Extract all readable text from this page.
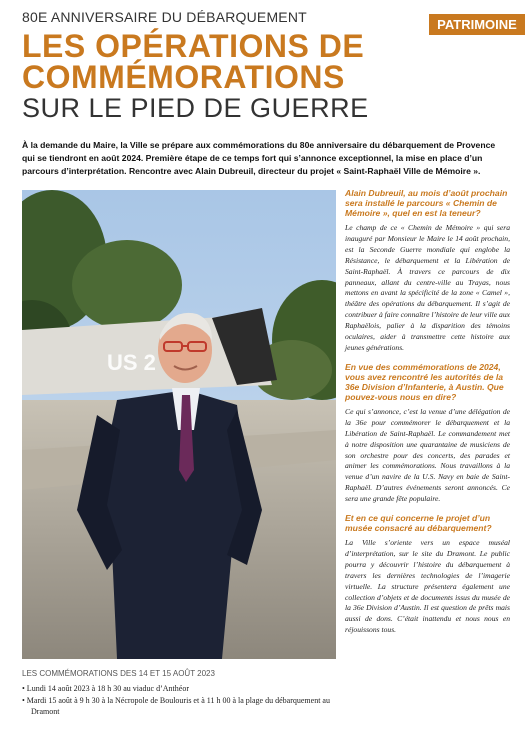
80E ANNIVERSAIRE DU DÉBARQUEMENT	PATRIMOINE
LES OPÉRATIONS DE
COMMÉMORATIONS
SUR LE PIED DE GUERRE
À la demande du Maire, la Ville se prépare aux commémorations du 80e anniversaire du débarquement de Provence qui se tiendront en août 2024. Première étape de ce temps fort qui s’annonce exceptionnel, la mise en place d’un parcours d’interprétation. Rencontre avec Alain Dubreuil, directeur du projet « Saint-Raphaël Ville de Mémoire ».
US 2
LES COMMÉMORATIONS DES 14 ET 15 AOÛT 2023
• Lundi 14 août 2023 à 18 h 30 au viaduc d’Anthéor
• Mardi 15 août à 9 h 30 à la Nécropole de Boulouris et à 11 h 00 à la plage du débarquement au Dramont

Alain Dubreuil, au mois d’août prochain sera installé le parcours « Chemin de Mémoire », quel en est la teneur?

Le champ de ce « Chemin de Mémoire » qui sera inauguré par Monsieur le Maire le 14 août prochain, est la Seconde Guerre mondiale qui englobe la Résistance, le débarquement et la Libération de Saint-Raphaël. À travers ce parcours de dix panneaux, allant du centre-ville au Trayas, nous mettons en avant la spécificité de la zone « Camel », théâtre des opérations du débarquement. Il s’agit de contribuer à faire connaître l’histoire de leur ville aux Raphaëlois, palier à la disparition des témoins oculaires, aider à transmettre cette histoire aux jeunes générations.

En vue des commémorations de 2024, vous avez rencontré les autorités de la 36e Division d’Infanterie, à Austin. Que pouvez-vous nous en dire?

Ce qui s’annonce, c’est la venue d’une délégation de la 36e pour commémorer le débarquement et la Libération de Saint-Raphaël. Le commandement met à notre disposition une quarantaine de musiciens de son orchestre pour des concerts, des parades et animer les commémorations. Nous travaillons à la venue d’un navire de la U.S. Navy en baie de Saint-Raphaël. D’autres événements seront annoncés. Ce sera une grande fête populaire.

Et en ce qui concerne le projet d’un musée consacré au débarquement?

La Ville s’oriente vers un espace muséal d’interprétation, sur le site du Dramont. Le public pourra y découvrir l’histoire du débarquement à travers les dernières technologies de l’imagerie virtuelle. La structure présentera également une collection d’objets et de documents issus du musée de la 36e Division d’Austin. Il est question de prêts mais aussi de dons. C’était inattendu et nous nous en réjouissons tous.
